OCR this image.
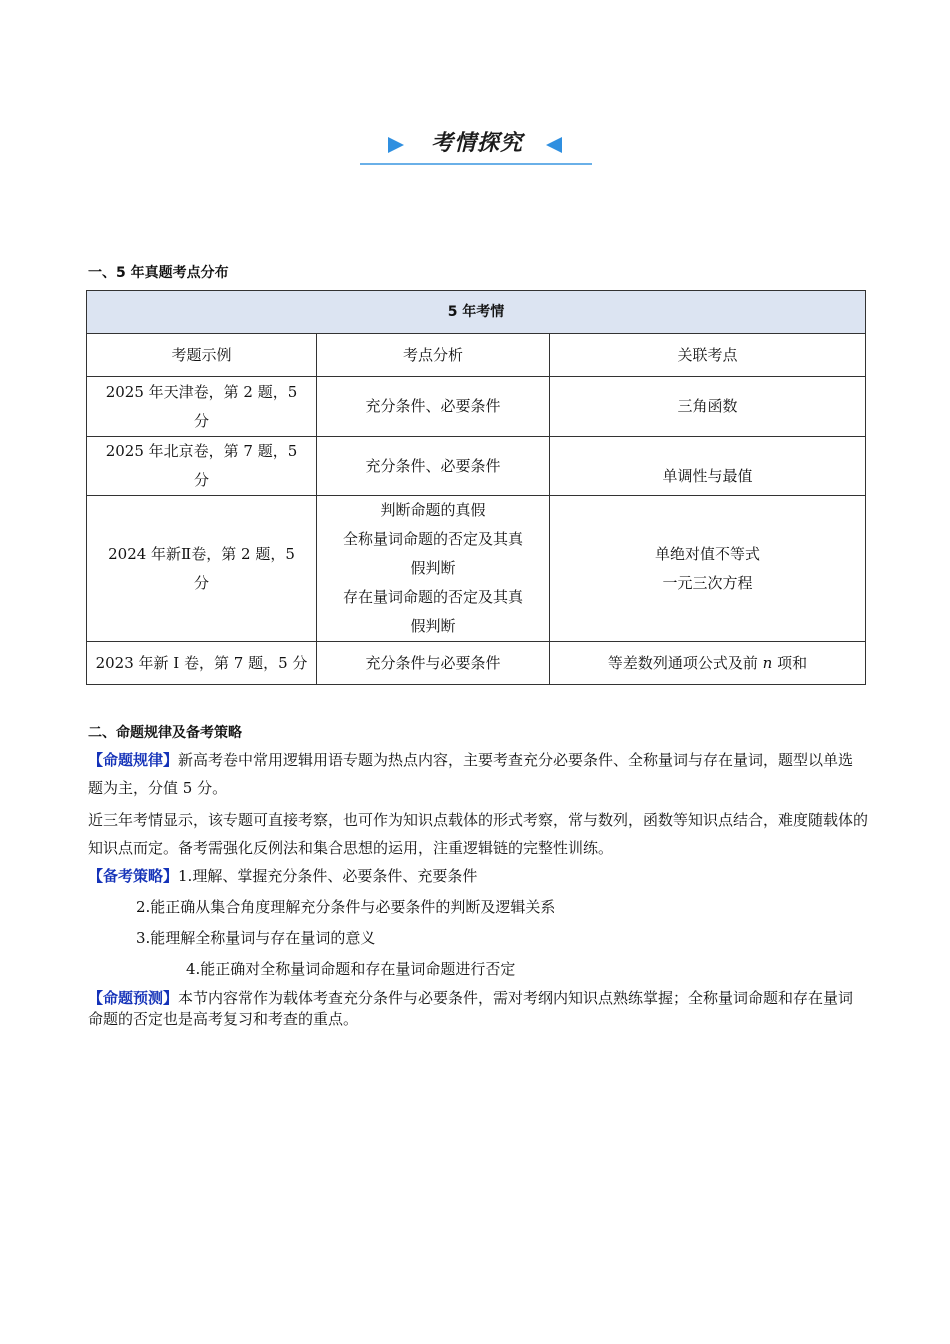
考情探究
一、5 年真题考点分布
5 年考情		
考题示例	考点分析	关联考点

2025 年天津卷，第 2 题，5
分	充分条件、必要条件	三角函数

2025 年北京卷，第 7 题，5
分	充分条件、必要条件	单调性与最值

2024 年新Ⅱ卷，第 2 题，5
分	判断命题的真假
全称量词命题的否定及其真
假判断
存在量词命题的否定及其真
假判断	单绝对值不等式
一元三次方程

2023 年新 I 卷，第 7 题，5 分	充分条件与必要条件	等差数列通项公式及前 n 项和
二、命题规律及备考策略
【命题规律】新高考卷中常用逻辑用语专题为热点内容，主要考查充分必要条件、全称量词与存在量词，题型以单选题为主，分值 5 分。
近三年考情显示，该专题可直接考察，也可作为知识点载体的形式考察，常与数列，函数等知识点结合，难度随载体的知识点而定。备考需强化反例法和集合思想的运用，注重逻辑链的完整性训练。
【备考策略】1.理解、掌握充分条件、必要条件、充要条件
2.能正确从集合角度理解充分条件与必要条件的判断及逻辑关系
3.能理解全称量词与存在量词的意义
4.能正确对全称量词命题和存在量词命题进行否定
【命题预测】本节内容常作为载体考查充分条件与必要条件，需对考纲内知识点熟练掌握；全称量词命题和存在量词命题的否定也是高考复习和考查的重点。
